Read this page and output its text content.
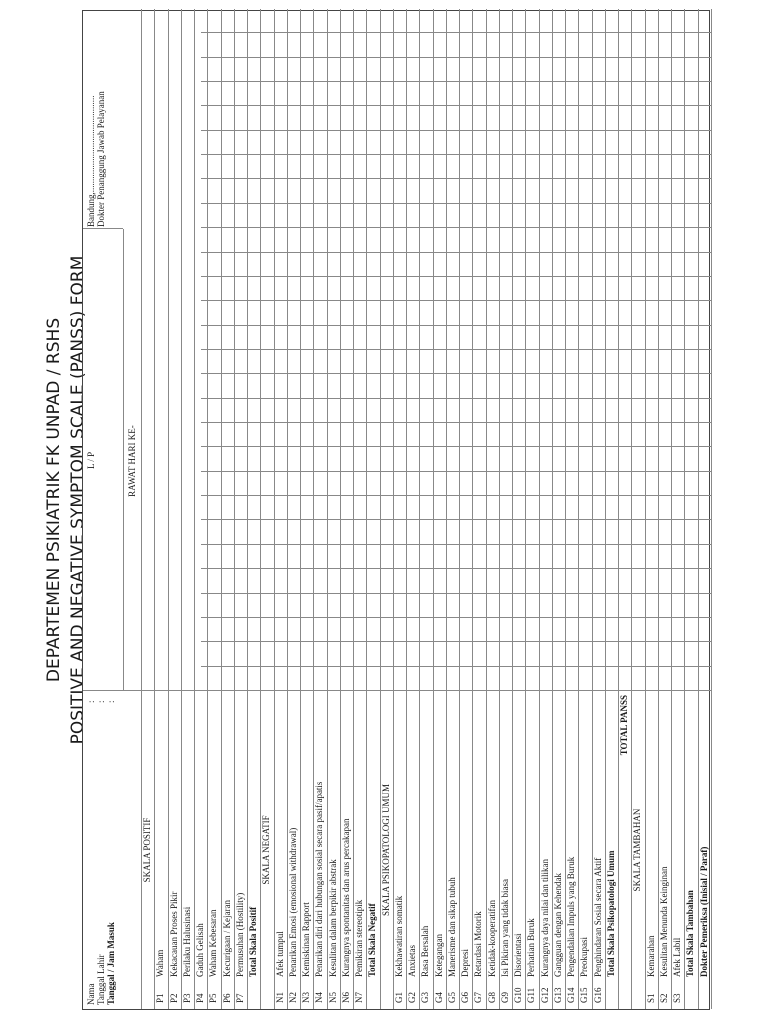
DEPARTEMEN PSIKIATRIK FK UNPAD / RSHS POSITIVE AND NEGATIVE SYMPTOM SCALE (PANSS) FORM
Nama Tanggal Lahir Tanggal / Jam Masuk
: : :
L / P
Bandung,........................................... Dokter Penanggung Jawab Pelayanan
RAWAT HARI KE-
SKALA POSITIF
P1
Waham
P2
Kekacauan Proses Pikir
P3
Perilaku Halusinasi
P4
Gaduh Gelisah
P5
Waham Kebesaran
P6
Kecurigaan / Kejaran
P7
Permusuhan (Hostility) Total Skala Positif
SKALA NEGATIF
N1
Afek tumpul
N2
Penarikan Emosi (emosional withdrawal)
N3
Kemiskinan Rapport
N4
Penarikan diri dari hubungan sosial secara pasif/apatis
N5
Kesulitan dalam berpikir abstrak
N6
Kurangnya spontanitas dan arus percakapan
N7
Pemikiran stereotipik Total Skala Negatif
SKALA PSIKOPATOLOGI UMUM
G1
Kekhawatiran somatik
G2
Anxietas
G3
Rasa Bersalah
G4
Ketegangan
G5
Manerisme dan sikap tubuh
G6
Depresi
G7
Retardasi Motorik
G8
Ketidak-kooperatifan
G9
Isi Pikiran yang tidak biasa
G10
Disorientasi
G11
Perhatian Buruk
G12
Kurangnya daya nilai dan tilikan
G13
Gangguan dengan Kehendak
G14
Pengendalian Impuls yang Buruk
G15
Preokupasi
G16
Penghindaran Sosial secara Aktif Total Skala Psikopatologi Umum
TOTAL PANSS
SKALA TAMBAHAN
S1
Kemarahan
S2
Kesulitan Menunda Keinginan
S3
Afek Labil Total Skala Tambahan Dokter Pemeriksa (Inisial / Paraf)
